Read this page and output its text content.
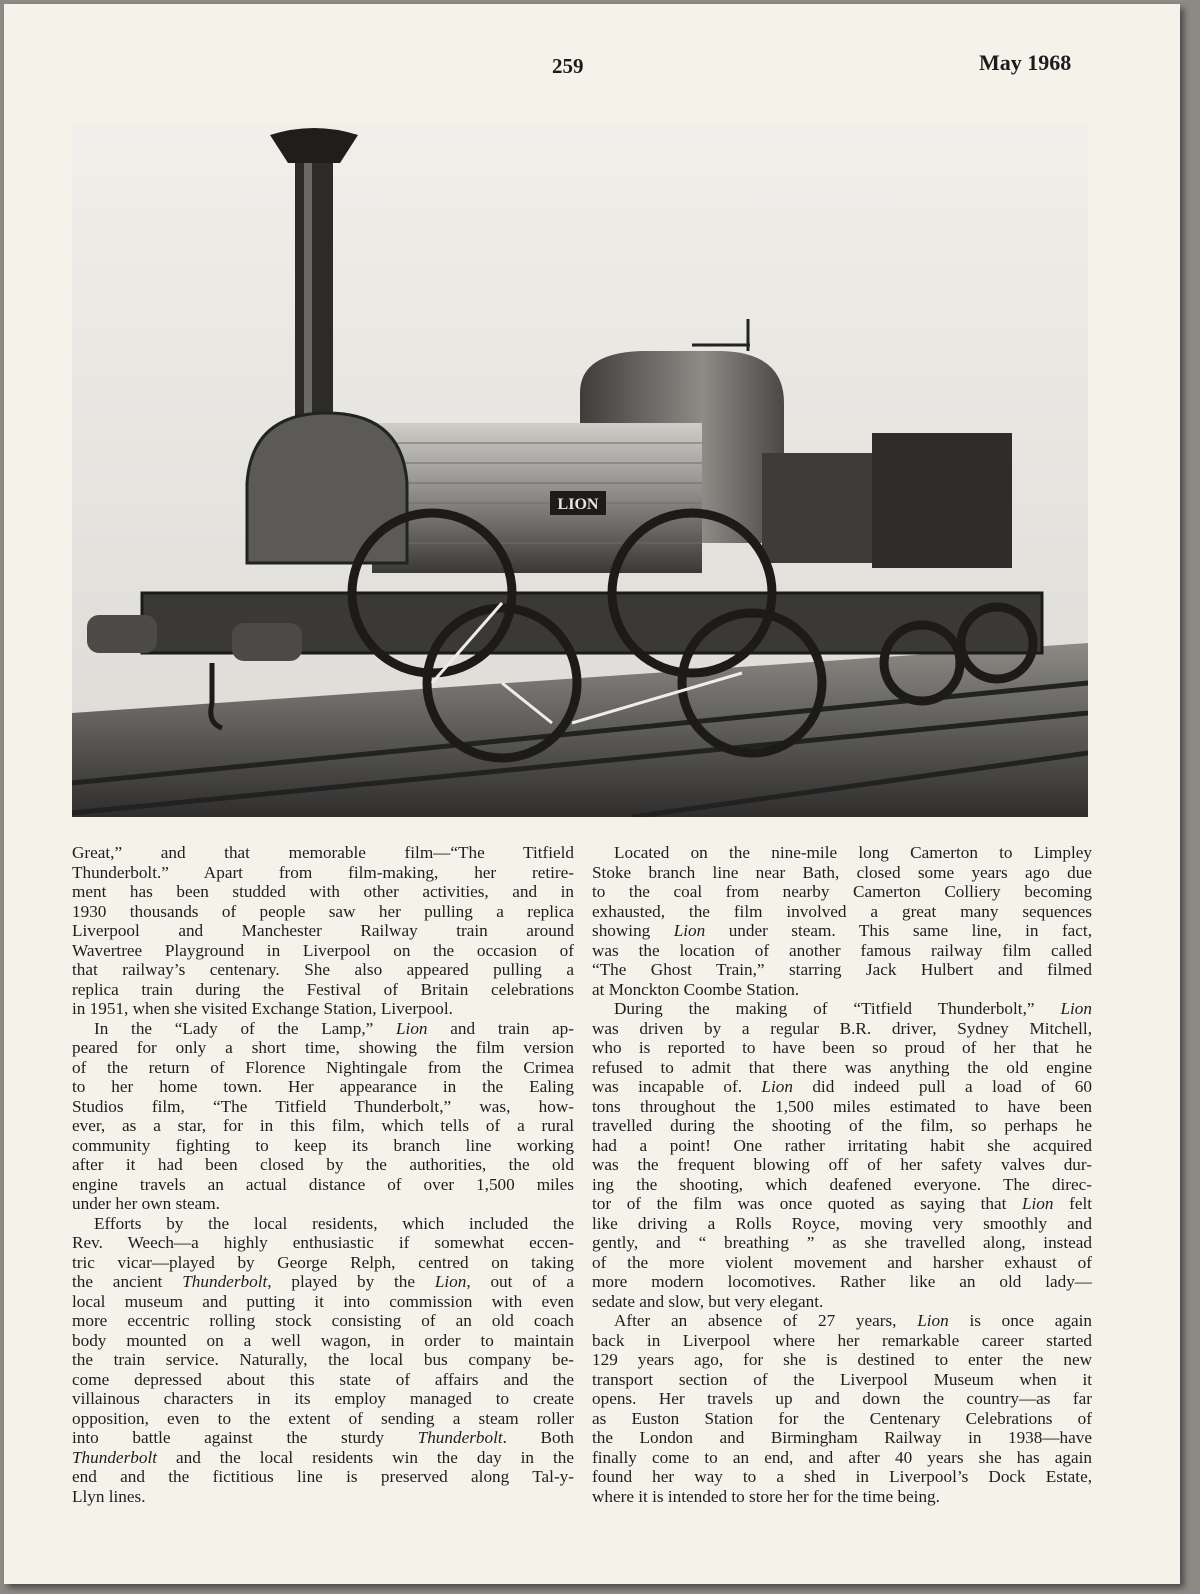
259	May 1968
LION
Great,” and that memorable film—“The Titfield
Thunderbolt.” Apart from film-making, her retire-
ment has been studded with other activities, and in
1930 thousands of people saw her pulling a replica
Liverpool and Manchester Railway train around
Wavertree Playground in Liverpool on the occasion of
that railway’s centenary. She also appeared pulling a
replica train during the Festival of Britain celebrations
in 1951, when she visited Exchange Station, Liverpool.
In the “Lady of the Lamp,” Lion and train ap-
peared for only a short time, showing the film version
of the return of Florence Nightingale from the Crimea
to her home town. Her appearance in the Ealing
Studios film, “The Titfield Thunderbolt,” was, how-
ever, as a star, for in this film, which tells of a rural
community fighting to keep its branch line working
after it had been closed by the authorities, the old
engine travels an actual distance of over 1,500 miles
under her own steam.
Efforts by the local residents, which included the
Rev. Weech—a highly enthusiastic if somewhat eccen-
tric vicar—played by George Relph, centred on taking
the ancient Thunderbolt, played by the Lion, out of a
local museum and putting it into commission with even
more eccentric rolling stock consisting of an old coach
body mounted on a well wagon, in order to maintain
the train service. Naturally, the local bus company be-
come depressed about this state of affairs and the
villainous characters in its employ managed to create
opposition, even to the extent of sending a steam roller
into battle against the sturdy Thunderbolt. Both
Thunderbolt and the local residents win the day in the
end and the fictitious line is preserved along Tal-y-
Llyn lines.
Located on the nine-mile long Camerton to Limpley
Stoke branch line near Bath, closed some years ago due
to the coal from nearby Camerton Colliery becoming
exhausted, the film involved a great many sequences
showing Lion under steam. This same line, in fact,
was the location of another famous railway film called
“The Ghost Train,” starring Jack Hulbert and filmed
at Monckton Coombe Station.
During the making of “Titfield Thunderbolt,” Lion
was driven by a regular B.R. driver, Sydney Mitchell,
who is reported to have been so proud of her that he
refused to admit that there was anything the old engine
was incapable of. Lion did indeed pull a load of 60
tons throughout the 1,500 miles estimated to have been
travelled during the shooting of the film, so perhaps he
had a point! One rather irritating habit she acquired
was the frequent blowing off of her safety valves dur-
ing the shooting, which deafened everyone. The direc-
tor of the film was once quoted as saying that Lion felt
like driving a Rolls Royce, moving very smoothly and
gently, and “ breathing ” as she travelled along, instead
of the more violent movement and harsher exhaust of
more modern locomotives. Rather like an old lady—
sedate and slow, but very elegant.
After an absence of 27 years, Lion is once again
back in Liverpool where her remarkable career started
129 years ago, for she is destined to enter the new
transport section of the Liverpool Museum when it
opens. Her travels up and down the country—as far
as Euston Station for the Centenary Celebrations of
the London and Birmingham Railway in 1938—have
finally come to an end, and after 40 years she has again
found her way to a shed in Liverpool’s Dock Estate,
where it is intended to store her for the time being.
